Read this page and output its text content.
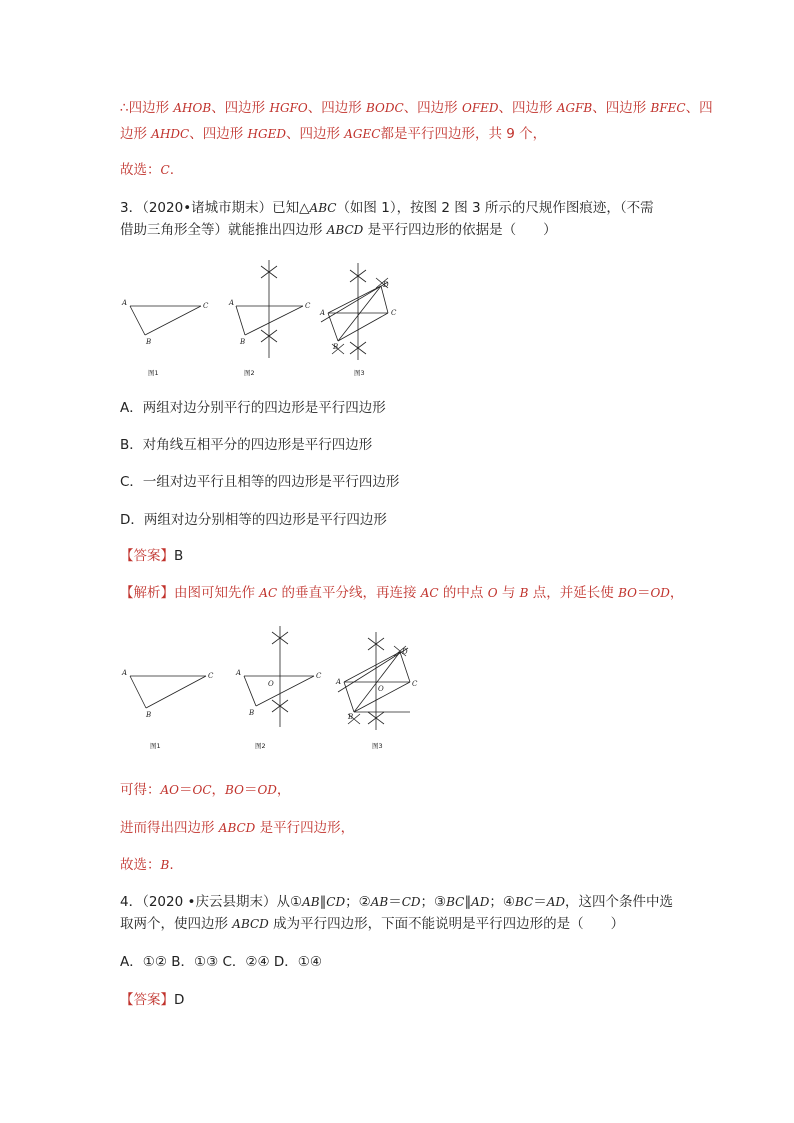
∴四边形 AHOB、四边形 HGFO、四边形 BODC、四边形 OFED、四边形 AGFB、四边形 BFEC、四
边形 AHDC、四边形 HGED、四边形 AGEC都是平行四边形，共 9 个，
故选：C.
3．（2020•诸城市期末）已知△ABC（如图 1），按图 2 图 3 所示的尺规作图痕迹，（不需
借助三角形全等）就能推出四边形 ABCD 是平行四边形的依据是（　　）
A	C
B
图1
A	C
B
图2
A	C
B
D
图3
A．两组对边分别平行的四边形是平行四边形
B．对角线互相平分的四边形是平行四边形
C．一组对边平行且相等的四边形是平行四边形
D．两组对边分别相等的四边形是平行四边形
【答案】B
【解析】由图可知先作 AC 的垂直平分线，再连接 AC 的中点 O 与 B 点，并延长使 BO＝OD，
A	C
B
图1
A	C
O
B
图2
A	C
O
B
D
图3
可得：AO＝OC，BO＝OD，
进而得出四边形 ABCD 是平行四边形，
故选：B.
4．（2020 •庆云县期末）从①AB∥CD；②AB＝CD；③BC∥AD；④BC＝AD，这四个条件中选
取两个，使四边形 ABCD 成为平行四边形，下面不能说明是平行四边形的是（　　）
A．①② B．①③ C．②④ D．①④
【答案】D
